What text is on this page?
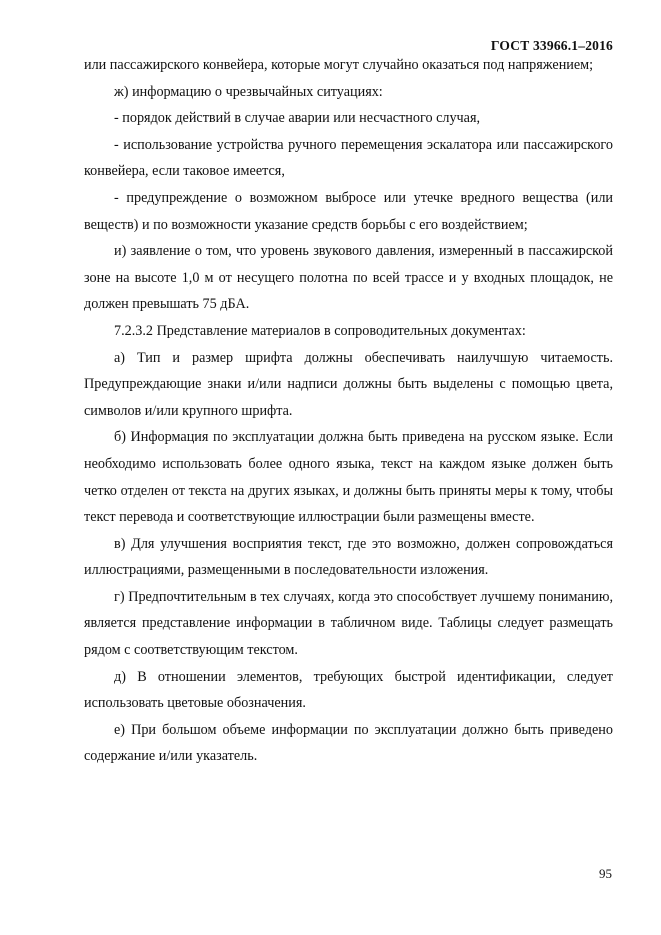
ГОСТ 33966.1–2016

или пассажирского конвейера, которые могут случайно оказаться под напряжением;

ж) информацию о чрезвычайных ситуациях:

- порядок действий в случае аварии или несчастного случая,

- использование устройства ручного перемещения эскалатора или пассажирского конвейера, если таковое имеется,

- предупреждение о возможном выбросе или утечке вредного вещества (или веществ) и по возможности указание средств борьбы с его воздействием;

и) заявление о том, что уровень звукового давления, измеренный в пассажирской зоне на высоте 1,0 м от несущего полотна по всей трассе и у входных площадок, не должен превышать 75 дБА.

7.2.3.2 Представление материалов в сопроводительных документах:

а) Тип и размер шрифта должны обеспечивать наилучшую читаемость. Предупреждающие знаки и/или надписи должны быть выделены с помощью цвета, символов и/или крупного шрифта.

б) Информация по эксплуатации должна быть приведена на русском языке. Если необходимо использовать более одного языка, текст на каждом языке должен быть четко отделен от текста на других языках, и должны быть приняты меры к тому, чтобы текст перевода и соответствующие иллюстрации были размещены вместе.

в) Для улучшения восприятия текст, где это возможно, должен сопровождаться иллюстрациями, размещенными в последовательности изложения.

г) Предпочтительным в тех случаях, когда это способствует лучшему пониманию, является представление информации в табличном виде. Таблицы следует размещать рядом с соответствующим текстом.

д) В отношении элементов, требующих быстрой идентификации, следует использовать цветовые обозначения.

е) При большом объеме информации по эксплуатации должно быть приведено содержание и/или указатель.

95
